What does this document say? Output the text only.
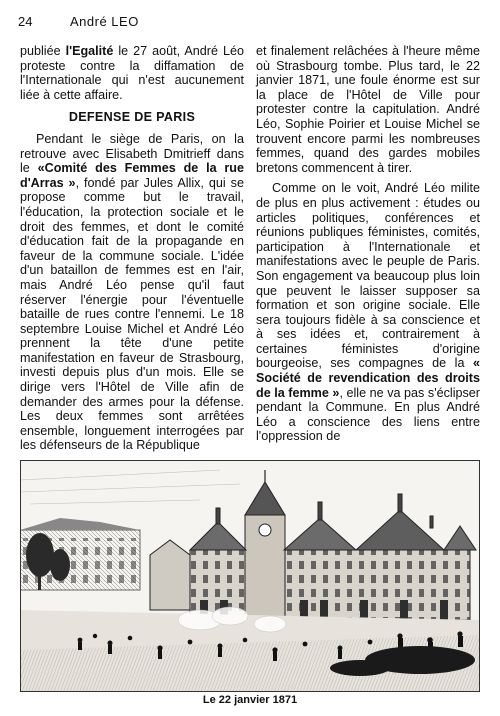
24	André LEO

publiée l'Egalité le 27 août, André Léo proteste contre la diffamation de l'Internationale qui n'est aucunement liée à cette affaire.

DEFENSE DE PARIS

Pendant le siège de Paris, on la retrouve avec Elisabeth Dmitrieff dans le «Comité des Femmes de la rue d'Arras », fondé par Jules Allix, qui se propose comme but le travail, l'éducation, la protection sociale et le droit des femmes, et dont le comité d'éducation fait de la propagande en faveur de la commune sociale. L'idée d'un bataillon de femmes est en l'air, mais André Léo pense qu'il faut réserver l'énergie pour l'éventuelle bataille de rues contre l'ennemi. Le 18 septembre Louise Michel et André Léo prennent la tête d'une petite manifestation en faveur de Strasbourg, investi depuis plus d'un mois. Elle se dirige vers l'Hôtel de Ville afin de demander des armes pour la défense. Les deux femmes sont arrêtées ensemble, longuement interrogées par les défenseurs de la République

et finalement relâchées à l'heure même où Strasbourg tombe. Plus tard, le 22 janvier 1871, une foule énorme est sur la place de l'Hôtel de Ville pour protester contre la capitulation. André Léo, Sophie Poirier et Louise Michel se trouvent encore parmi les nombreuses femmes, quand des gardes mobiles bretons commencent à tirer.

Comme on le voit, André Léo milite de plus en plus activement : études ou articles politiques, conférences et réunions publiques féministes, comités, participation à l'Internationale et manifestations avec le peuple de Paris. Son engagement va beaucoup plus loin que peuvent le laisser supposer sa formation et son origine sociale. Elle sera toujours fidèle à sa conscience et à ses idées et, contrairement à certaines féministes d'origine bourgeoise, ses compagnes de la « Société de revendication des droits de la femme », elle ne va pas s'éclipser pendant la Commune. En plus André Léo a conscience des liens entre l'oppression de

Le 22 janvier 1871
